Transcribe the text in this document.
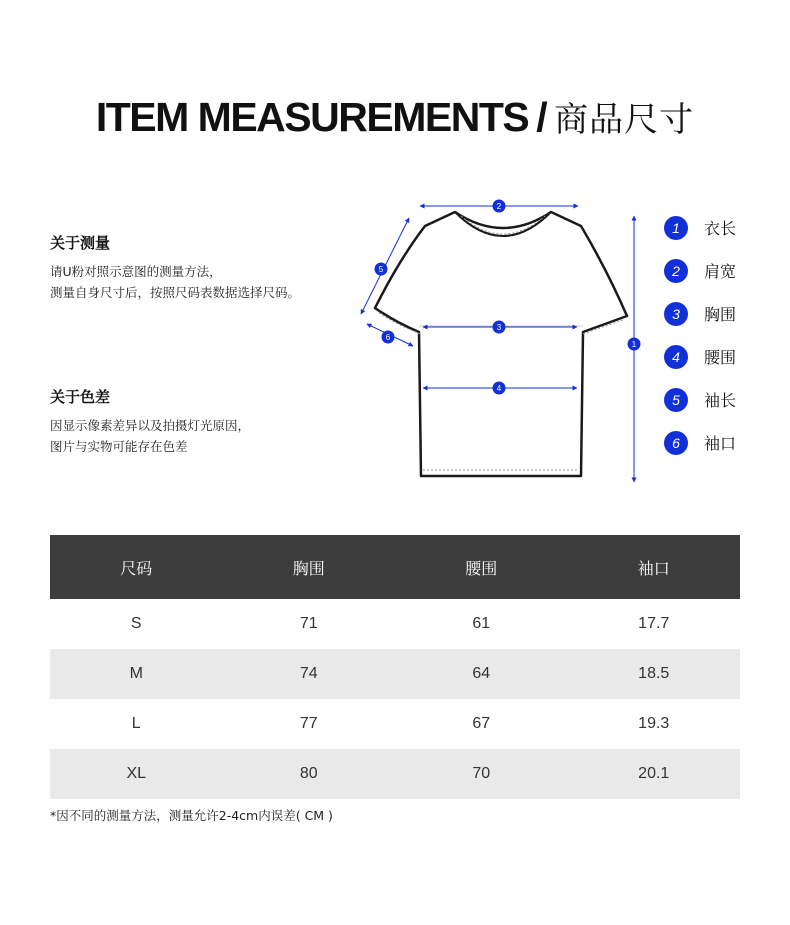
ITEM MEASUREMENTS / 商品尺寸
关于测量
请U粉对照示意图的测量方法，
测量自身尺寸后，按照尺码表数据选择尺码。
关于色差
因显示像素差异以及拍摄灯光原因，
图片与实物可能存在色差
2
1
3
4
5
6
1	衣长
2	肩宽
3	胸围
4	腰围
5	袖长
6	袖口
尺码	胸围	腰围	袖口
S	71	61	17.7
M	74	64	18.5
L	77	67	19.3
XL	80	70	20.1
*因不同的测量方法，测量允许2-4cm内误差( CM )
